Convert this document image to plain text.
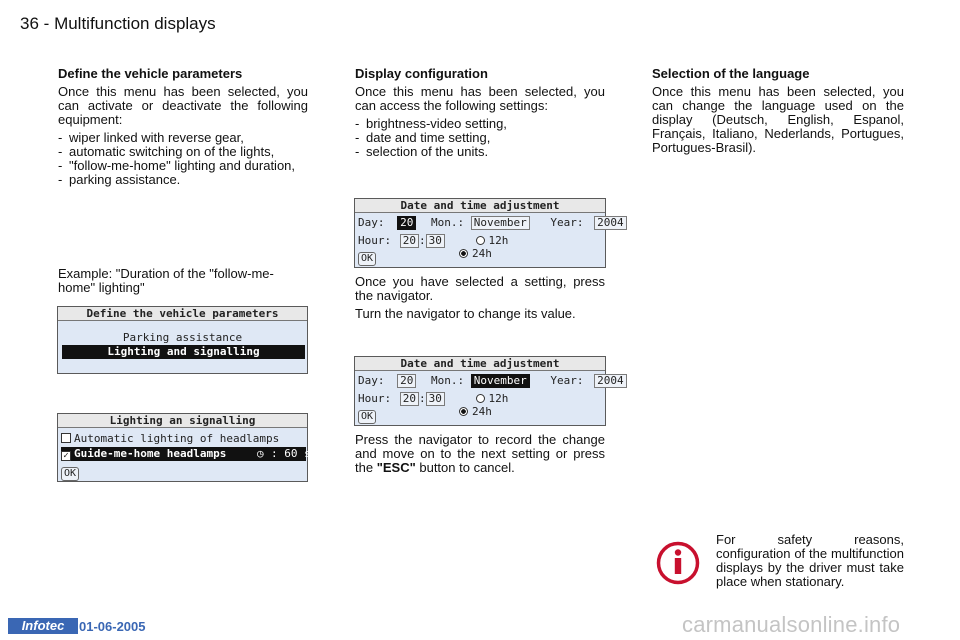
36 - Multifunction displays
Define the vehicle parameters

Once this menu has been selected, you can activate or deactivate the following equipment:

- wiper linked with reverse gear,
- automatic switching on of the lights,
- "follow-me-home" lighting and duration,
- parking assistance.

Example: "Duration of the "follow-me-home" lighting"

Define the vehicle parameters
Parking assistance
Lighting and signalling
Lighting an signalling
Automatic lighting of headlamps
✓ Guide-me-home headlamps	◷ : 60 s
OK
Display configuration

Once this menu has been selected, you can access the following settings:

- brightness-video setting,
- date and time setting,
- selection of the units.
Date and time adjustment
Day: 20 Mon.: November Year: 2004
Hour: 20 : 30	12h
24h
OK

Once you have selected a setting, press the navigator.

Turn the navigator to change its value.

Date and time adjustment
Day: 20 Mon.: November Year: 2004
Hour: 20 : 30	12h
24h
OK

Press the navigator to record the change and move on to the next setting or press the "ESC" button to cancel.

Selection of the language

Once this menu has been selected, you can change the language used on the display (Deutsch, English, Espanol, Français, Italiano, Nederlands, Portugues, Portugues-Brasil).

For safety reasons, configuration of the multifunction displays by the driver must take place when stationary.
Infotec	01-06-2005	carmanualsonline.info
